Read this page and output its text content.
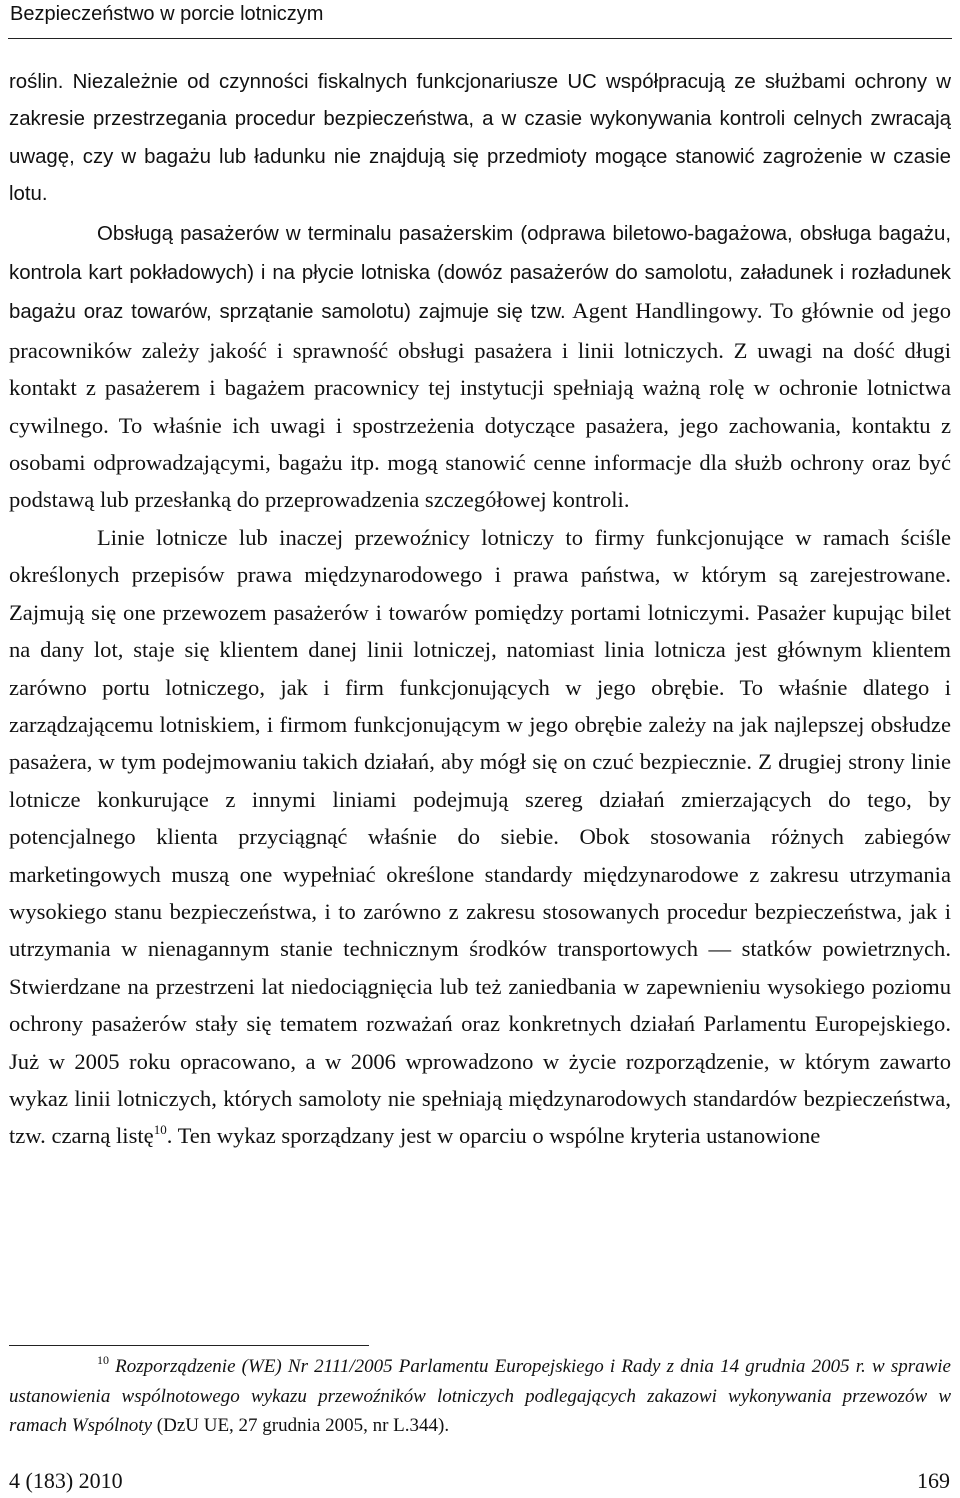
Bezpieczeństwo w porcie lotniczym

roślin. Niezależnie od czynności fiskalnych funkcjonariusze UC współpracują ze służbami ochrony w zakresie przestrzegania procedur bezpieczeństwa, a w czasie wykonywania kontroli celnych zwracają uwagę, czy w bagażu lub ładunku nie znajdują się przedmioty mogące stanowić zagrożenie w czasie lotu.

Obsługą pasażerów w terminalu pasażerskim (odprawa biletowo-bagażowa, obsługa bagażu, kontrola kart pokładowych) i na płycie lotniska (dowóz pasażerów do samolotu, załadunek i rozładunek bagażu oraz towarów, sprzątanie samolotu) zajmuje się tzw. Agent Handlingowy. To głównie od jego pracowników zależy jakość i sprawność obsługi pasażera i linii lotniczych. Z uwagi na dość długi kontakt z pasażerem i bagażem pracownicy tej instytucji spełniają ważną rolę w ochronie lotnictwa cywilnego. To właśnie ich uwagi i spostrzeżenia dotyczące pasażera, jego zachowania, kontaktu z osobami odprowadzającymi, bagażu itp. mogą stanowić cenne informacje dla służb ochrony oraz być podstawą lub przesłanką do przeprowadzenia szczegółowej kontroli.

Linie lotnicze lub inaczej przewoźnicy lotniczy to firmy funkcjonujące w ramach ściśle określonych przepisów prawa międzynarodowego i prawa państwa, w którym są zarejestrowane. Zajmują się one przewozem pasażerów i towarów pomiędzy portami lotniczymi. Pasażer kupując bilet na dany lot, staje się klientem danej linii lotniczej, natomiast linia lotnicza jest głównym klientem zarówno portu lotniczego, jak i firm funkcjonujących w jego obrębie. To właśnie dlatego i zarządzającemu lotniskiem, i firmom funkcjonującym w jego obrębie zależy na jak najlepszej obsłudze pasażera, w tym podejmowaniu takich działań, aby mógł się on czuć bezpiecznie. Z drugiej strony linie lotnicze konkurujące z innymi liniami podejmują szereg działań zmierzających do tego, by potencjalnego klienta przyciągnąć właśnie do siebie. Obok stosowania różnych zabiegów marketingowych muszą one wypełniać określone standardy międzynarodowe z zakresu utrzymania wysokiego stanu bezpieczeństwa, i to zarówno z zakresu stosowanych procedur bezpieczeństwa, jak i utrzymania w nienagannym stanie technicznym środków transportowych — statków powietrznych. Stwierdzane na przestrzeni lat niedociągnięcia lub też zaniedbania w zapewnieniu wysokiego poziomu ochrony pasażerów stały się tematem rozważań oraz konkretnych działań Parlamentu Europejskiego. Już w 2005 roku opracowano, a w 2006 wprowadzono w życie rozporządzenie, w którym zawarto wykaz linii lotniczych, których samoloty nie spełniają międzynarodowych standardów bezpieczeństwa, tzw. czarną listę$^{10}$. Ten wykaz sporządzany jest w oparciu o wspólne kryteria ustanowione

$^{10}$ Rozporządzenie (WE) Nr 2111/2005 Parlamentu Europejskiego i Rady z dnia 14 grudnia 2005 r. w sprawie ustanowienia wspólnotowego wykazu przewoźników lotniczych podlegających zakazowi wykonywania przewozów w ramach Wspólnoty (DzU UE, 27 grudnia 2005, nr L.344).
4 (183) 2010	169
